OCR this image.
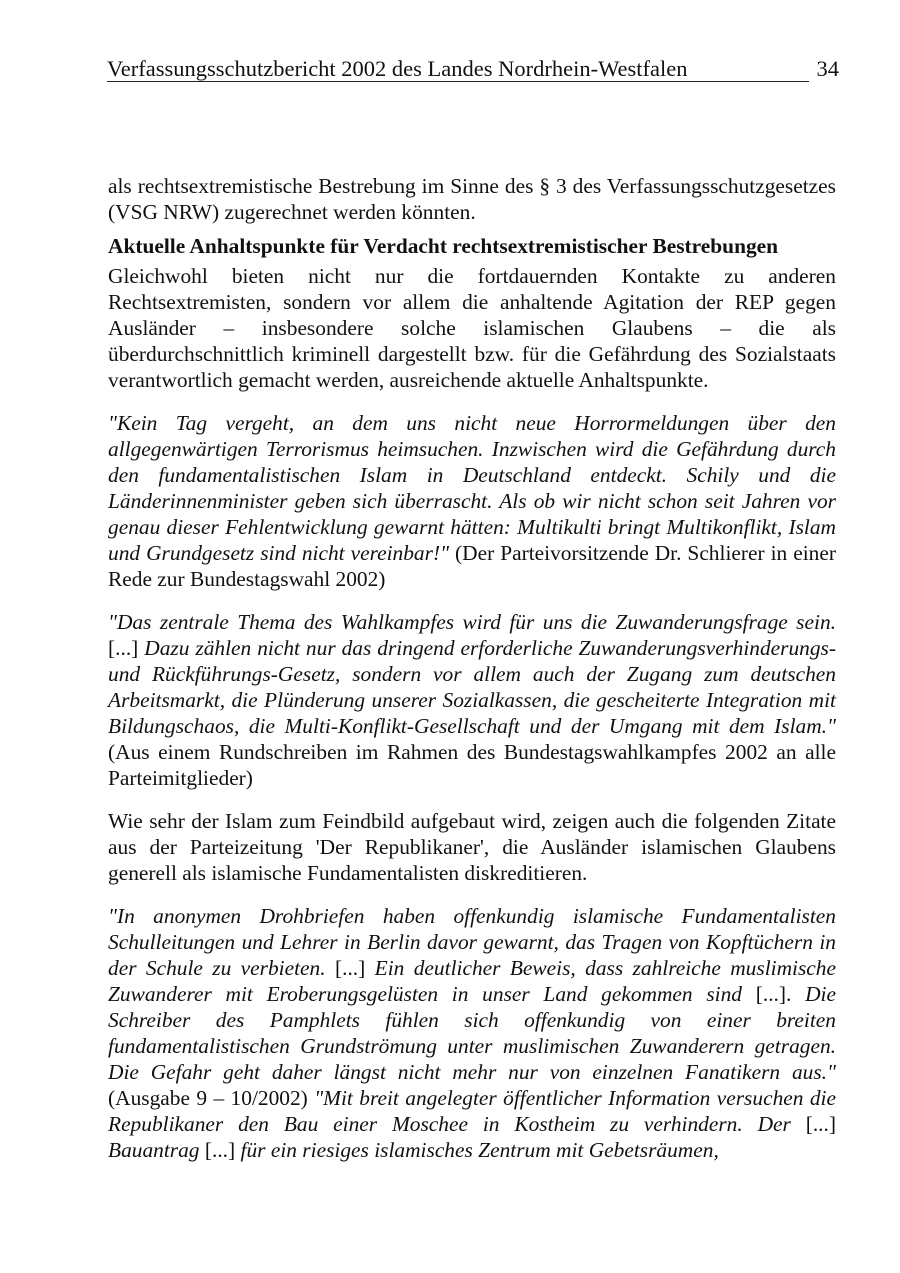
Verfassungsschutzbericht 2002 des Landes Nordrhein-Westfalen	34

als rechtsextremistische Bestrebung im Sinne des § 3 des Verfassungsschutzgesetzes (VSG NRW) zugerechnet werden könnten.

Aktuelle Anhaltspunkte für Verdacht rechtsextremistischer Bestrebungen

Gleichwohl bieten nicht nur die fortdauernden Kontakte zu anderen Rechtsextremisten, sondern vor allem die anhaltende Agitation der REP gegen Ausländer – insbesondere solche islamischen Glaubens – die als überdurchschnittlich kriminell dargestellt bzw. für die Gefährdung des Sozialstaats verantwortlich gemacht werden, ausreichende aktuelle Anhaltspunkte.

"Kein Tag vergeht, an dem uns nicht neue Horrormeldungen über den allgegenwärtigen Terrorismus heimsuchen. Inzwischen wird die Gefährdung durch den fundamentalistischen Islam in Deutschland entdeckt. Schily und die Länderinnenminister geben sich überrascht. Als ob wir nicht schon seit Jahren vor genau dieser Fehlentwicklung gewarnt hätten: Multikulti bringt Multikonflikt, Islam und Grundgesetz sind nicht vereinbar!" (Der Parteivorsitzende Dr. Schlierer in einer Rede zur Bundestagswahl 2002)

"Das zentrale Thema des Wahlkampfes wird für uns die Zuwanderungsfrage sein. [...] Dazu zählen nicht nur das dringend erforderliche Zuwanderungsverhinderungs- und Rückführungs-Gesetz, sondern vor allem auch der Zugang zum deutschen Arbeitsmarkt, die Plünderung unserer Sozialkassen, die gescheiterte Integration mit Bildungschaos, die Multi-Konflikt-Gesellschaft und der Umgang mit dem Islam." (Aus einem Rundschreiben im Rahmen des Bundestagswahlkampfes 2002 an alle Parteimitglieder)

Wie sehr der Islam zum Feindbild aufgebaut wird, zeigen auch die folgenden Zitate aus der Parteizeitung 'Der Republikaner', die Ausländer islamischen Glaubens generell als islamische Fundamentalisten diskreditieren.

"In anonymen Drohbriefen haben offenkundig islamische Fundamentalisten Schulleitungen und Lehrer in Berlin davor gewarnt, das Tragen von Kopftüchern in der Schule zu verbieten. [...] Ein deutlicher Beweis, dass zahlreiche muslimische Zuwanderer mit Eroberungsgelüsten in unser Land gekommen sind [...]. Die Schreiber des Pamphlets fühlen sich offenkundig von einer breiten fundamentalistischen Grundströmung unter muslimischen Zuwanderern getragen. Die Gefahr geht daher längst nicht mehr nur von einzelnen Fanatikern aus." (Ausgabe 9 – 10/2002) "Mit breit angelegter öffentlicher Information versuchen die Republikaner den Bau einer Moschee in Kostheim zu verhindern. Der [...] Bauantrag [...] für ein riesiges islamisches Zentrum mit Gebetsräumen,
